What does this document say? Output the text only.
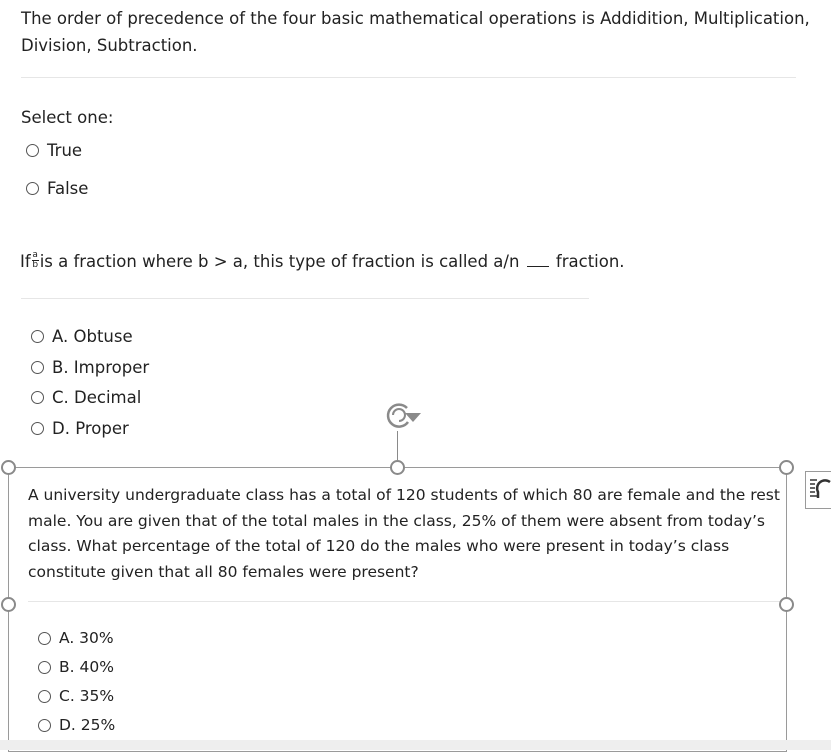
The order of precedence of the four basic mathematical operations is Addidition, Multiplication, Division, Subtraction.
Select one:
True
False
If $\frac{a}{b}$ is a fraction where b > a, this type of fraction is called a/n fraction.
A. Obtuse
B. Improper
C. Decimal
D. Proper
A university undergraduate class has a total of 120 students of which 80 are female and the rest male. You are given that of the total males in the class, 25% of them were absent from today’s class. What percentage of the total of 120 do the males who were present in today’s class constitute given that all 80 females were present?
A. 30%
B. 40%
C. 35%
D. 25%
